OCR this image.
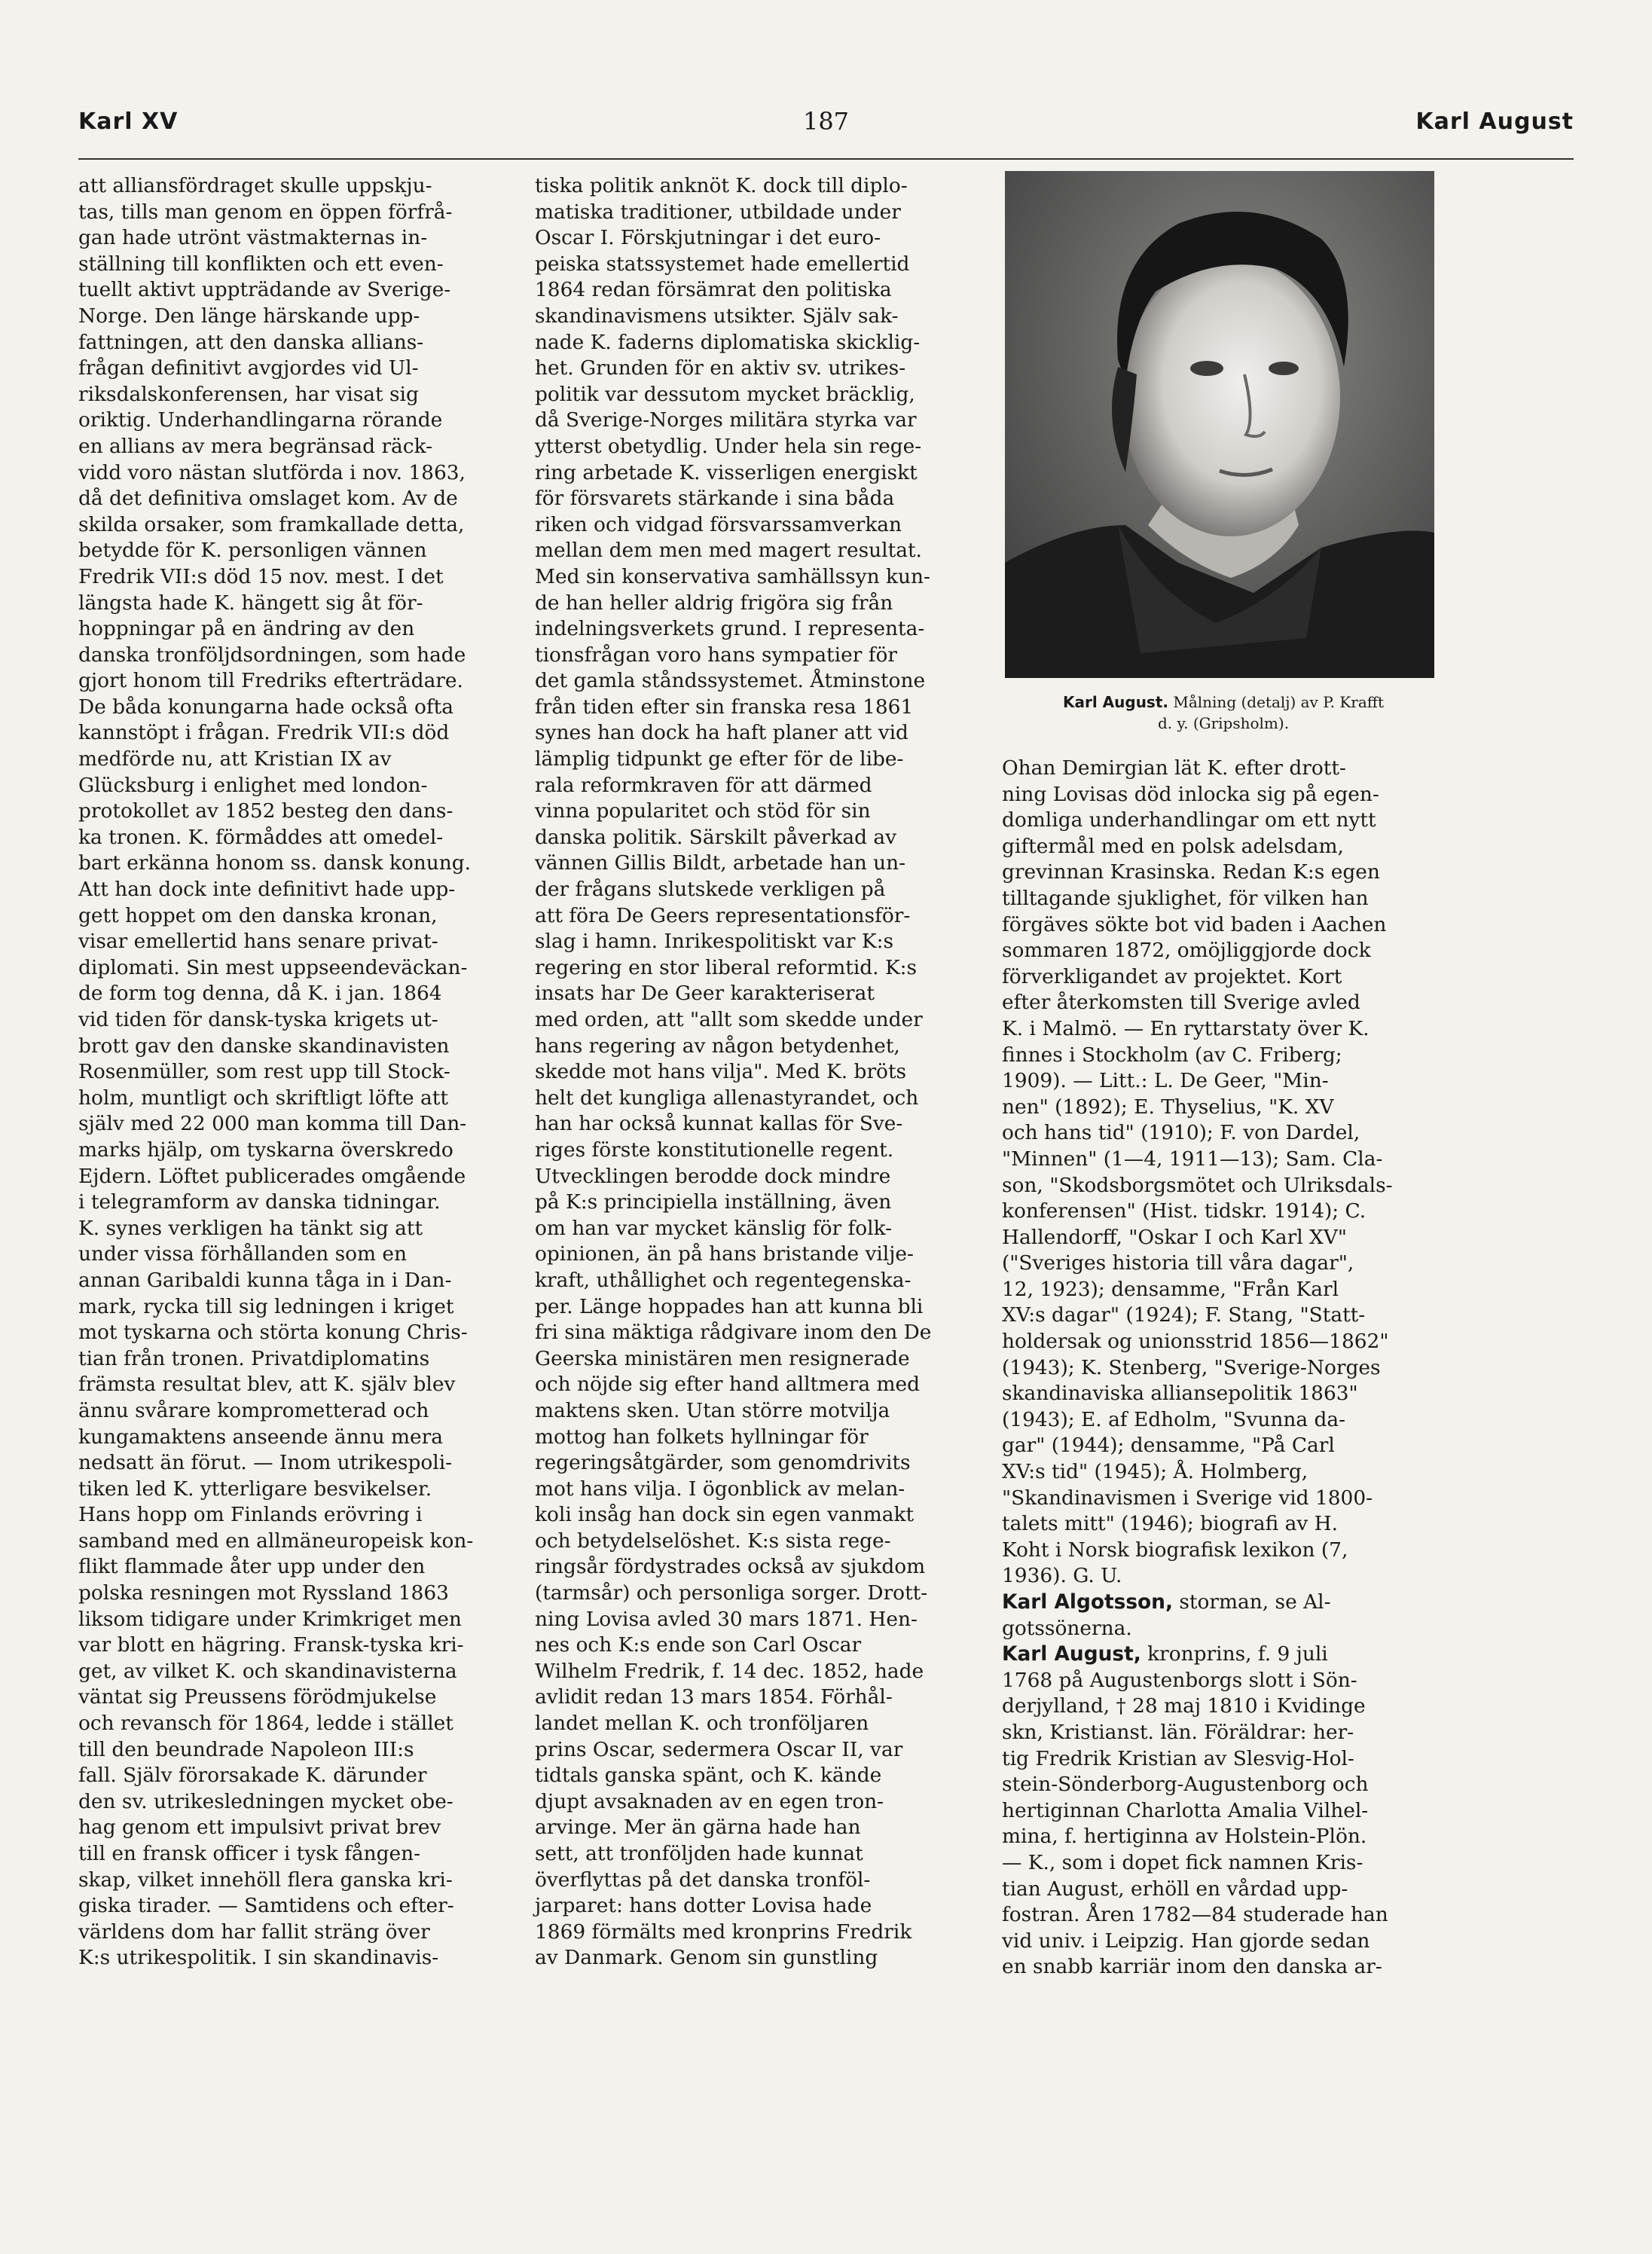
Karl XV	187	Karl August
att alliansfördraget skulle uppskju-
tas, tills man genom en öppen förfrå-
gan hade utrönt västmakternas in-
ställning till konflikten och ett even-
tuellt aktivt uppträdande av Sverige-
Norge. Den länge härskande upp-
fattningen, att den danska allians-
frågan definitivt avgjordes vid Ul-
riksdalskonferensen, har visat sig
oriktig. Underhandlingarna rörande
en allians av mera begränsad räck-
vidd voro nästan slutförda i nov. 1863,
då det definitiva omslaget kom. Av de
skilda orsaker, som framkallade detta,
betydde för K. personligen vännen
Fredrik VII:s död 15 nov. mest. I det
längsta hade K. hängett sig åt för-
hoppningar på en ändring av den
danska tronföljdsordningen, som hade
gjort honom till Fredriks efterträdare.
De båda konungarna hade också ofta
kannstöpt i frågan. Fredrik VII:s död
medförde nu, att Kristian IX av
Glücksburg i enlighet med london-
protokollet av 1852 besteg den dans-
ka tronen. K. förmåddes att omedel-
bart erkänna honom ss. dansk konung.
Att han dock inte definitivt hade upp-
gett hoppet om den danska kronan,
visar emellertid hans senare privat-
diplomati. Sin mest uppseendeväckan-
de form tog denna, då K. i jan. 1864
vid tiden för dansk-tyska krigets ut-
brott gav den danske skandinavisten
Rosenmüller, som rest upp till Stock-
holm, muntligt och skriftligt löfte att
själv med 22 000 man komma till Dan-
marks hjälp, om tyskarna överskredo
Ejdern. Löftet publicerades omgående
i telegramform av danska tidningar.
K. synes verkligen ha tänkt sig att
under vissa förhållanden som en
annan Garibaldi kunna tåga in i Dan-
mark, rycka till sig ledningen i kriget
mot tyskarna och störta konung Chris-
tian från tronen. Privatdiplomatins
främsta resultat blev, att K. själv blev
ännu svårare komprometterad och
kungamaktens anseende ännu mera
nedsatt än förut. — Inom utrikespoli-
tiken led K. ytterligare besvikelser.
Hans hopp om Finlands erövring i
samband med en allmäneuropeisk kon-
flikt flammade åter upp under den
polska resningen mot Ryssland 1863
liksom tidigare under Krimkriget men
var blott en hägring. Fransk-tyska kri-
get, av vilket K. och skandinavisterna
väntat sig Preussens förödmjukelse
och revansch för 1864, ledde i stället
till den beundrade Napoleon III:s
fall. Själv förorsakade K. därunder
den sv. utrikesledningen mycket obe-
hag genom ett impulsivt privat brev
till en fransk officer i tysk fången-
skap, vilket innehöll flera ganska kri-
giska tirader. — Samtidens och efter-
världens dom har fallit sträng över
K:s utrikespolitik. I sin skandinavis-
tiska politik anknöt K. dock till diplo-
matiska traditioner, utbildade under
Oscar I. Förskjutningar i det euro-
peiska statssystemet hade emellertid
1864 redan försämrat den politiska
skandinavismens utsikter. Själv sak-
nade K. faderns diplomatiska skicklig-
het. Grunden för en aktiv sv. utrikes-
politik var dessutom mycket bräcklig,
då Sverige-Norges militära styrka var
ytterst obetydlig. Under hela sin rege-
ring arbetade K. visserligen energiskt
för försvarets stärkande i sina båda
riken och vidgad försvarssamverkan
mellan dem men med magert resultat.
Med sin konservativa samhällssyn kun-
de han heller aldrig frigöra sig från
indelningsverkets grund. I representa-
tionsfrågan voro hans sympatier för
det gamla ståndssystemet. Åtminstone
från tiden efter sin franska resa 1861
synes han dock ha haft planer att vid
lämplig tidpunkt ge efter för de libe-
rala reformkraven för att därmed
vinna popularitet och stöd för sin
danska politik. Särskilt påverkad av
vännen Gillis Bildt, arbetade han un-
der frågans slutskede verkligen på
att föra De Geers representationsför-
slag i hamn. Inrikespolitiskt var K:s
regering en stor liberal reformtid. K:s
insats har De Geer karakteriserat
med orden, att "allt som skedde under
hans regering av någon betydenhet,
skedde mot hans vilja". Med K. bröts
helt det kungliga allenastyrandet, och
han har också kunnat kallas för Sve-
riges förste konstitutionelle regent.
Utvecklingen berodde dock mindre
på K:s principiella inställning, även
om han var mycket känslig för folk-
opinionen, än på hans bristande vilje-
kraft, uthållighet och regentegenska-
per. Länge hoppades han att kunna bli
fri sina mäktiga rådgivare inom den De
Geerska ministären men resignerade
och nöjde sig efter hand alltmera med
maktens sken. Utan större motvilja
mottog han folkets hyllningar för
regeringsåtgärder, som genomdrivits
mot hans vilja. I ögonblick av melan-
koli insåg han dock sin egen vanmakt
och betydelselöshet. K:s sista rege-
ringsår fördystrades också av sjukdom
(tarmsår) och personliga sorger. Drott-
ning Lovisa avled 30 mars 1871. Hen-
nes och K:s ende son Carl Oscar
Wilhelm Fredrik, f. 14 dec. 1852, hade
avlidit redan 13 mars 1854. Förhål-
landet mellan K. och tronföljaren
prins Oscar, sedermera Oscar II, var
tidtals ganska spänt, och K. kände
djupt avsaknaden av en egen tron-
arvinge. Mer än gärna hade han
sett, att tronföljden hade kunnat
överflyttas på det danska tronföl-
jarparet: hans dotter Lovisa hade
1869 förmälts med kronprins Fredrik
av Danmark. Genom sin gunstling
Karl August. Målning (detalj) av P. Krafft
d. y. (Gripsholm).
Ohan Demirgian lät K. efter drott-
ning Lovisas död inlocka sig på egen-
domliga underhandlingar om ett nytt
giftermål med en polsk adelsdam,
grevinnan Krasinska. Redan K:s egen
tilltagande sjuklighet, för vilken han
förgäves sökte bot vid baden i Aachen
sommaren 1872, omöjliggjorde dock
förverkligandet av projektet. Kort
efter återkomsten till Sverige avled
K. i Malmö. — En ryttarstaty över K.
finnes i Stockholm (av C. Friberg;
1909). — Litt.: L. De Geer, "Min-
nen" (1892); E. Thyselius, "K. XV
och hans tid" (1910); F. von Dardel,
"Minnen" (1—4, 1911—13); Sam. Cla-
son, "Skodsborgsmötet och Ulriksdals-
konferensen" (Hist. tidskr. 1914); C.
Hallendorff, "Oskar I och Karl XV"
("Sveriges historia till våra dagar",
12, 1923); densamme, "Från Karl
XV:s dagar" (1924); F. Stang, "Statt-
holdersak og unionsstrid 1856—1862"
(1943); K. Stenberg, "Sverige-Norges
skandinaviska alliansepolitik 1863"
(1943); E. af Edholm, "Svunna da-
gar" (1944); densamme, "På Carl
XV:s tid" (1945); Å. Holmberg,
"Skandinavismen i Sverige vid 1800-
talets mitt" (1946); biografi av H.
Koht i Norsk biografisk lexikon (7,
1936). G. U.
Karl Algotsson, storman, se Al-
gotssönerna.
Karl August, kronprins, f. 9 juli
1768 på Augustenborgs slott i Sön-
derjylland, † 28 maj 1810 i Kvidinge
skn, Kristianst. län. Föräldrar: her-
tig Fredrik Kristian av Slesvig-Hol-
stein-Sönderborg-Augustenborg och
hertiginnan Charlotta Amalia Vilhel-
mina, f. hertiginna av Holstein-Plön.
— K., som i dopet fick namnen Kris-
tian August, erhöll en vårdad upp-
fostran. Åren 1782—84 studerade han
vid univ. i Leipzig. Han gjorde sedan
en snabb karriär inom den danska ar-
